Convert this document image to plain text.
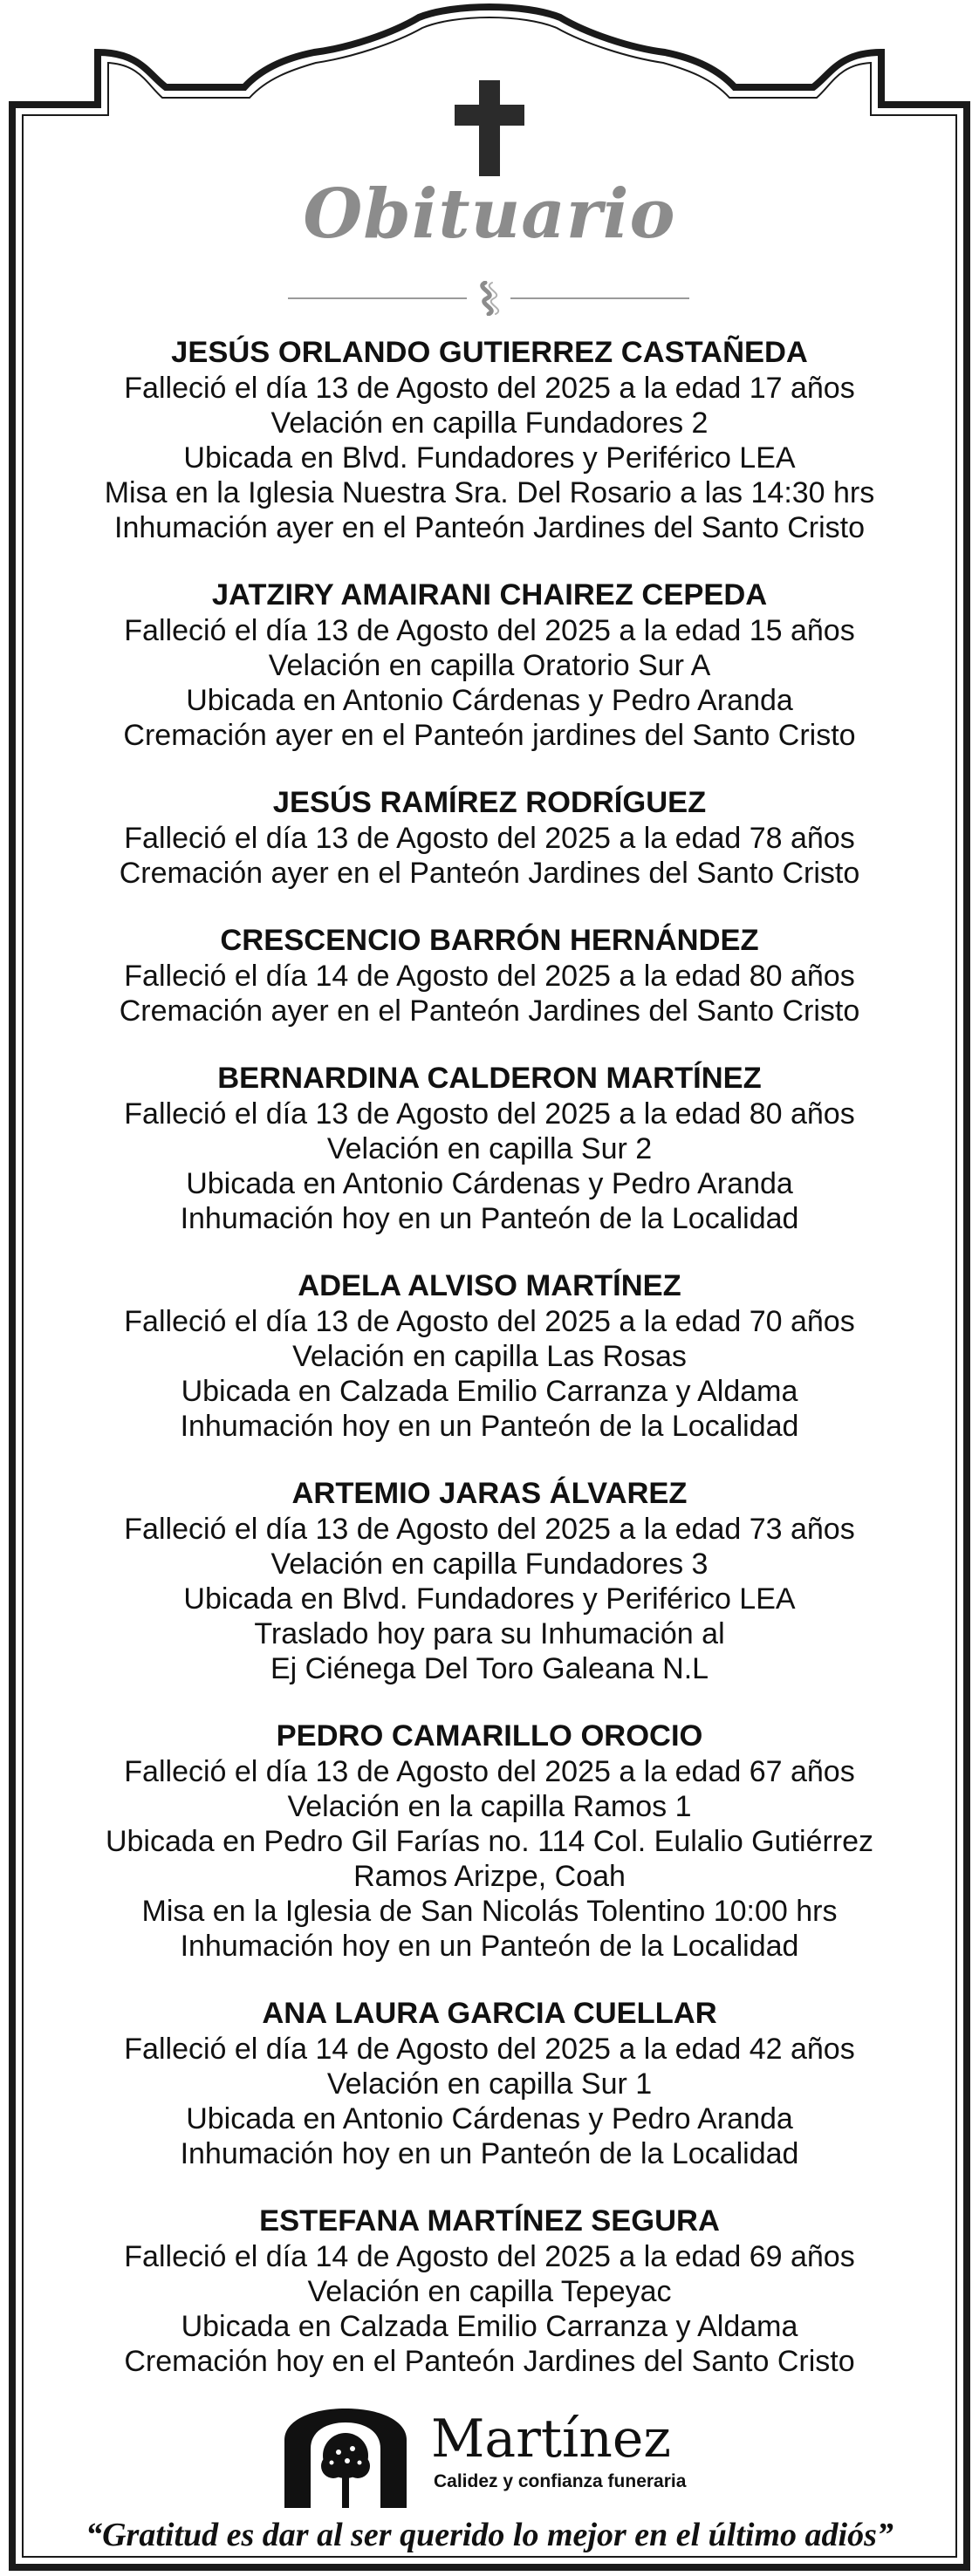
Obituario
JESÚS ORLANDO GUTIERREZ CASTAÑEDA
Falleció el día 13 de Agosto del 2025 a la edad 17 años
Velación en capilla Fundadores 2
Ubicada en Blvd. Fundadores y Periférico LEA
Misa en la Iglesia Nuestra Sra. Del Rosario a las 14:30 hrs
Inhumación ayer en el Panteón Jardines del Santo Cristo
JATZIRY AMAIRANI CHAIREZ CEPEDA
Falleció el día 13 de Agosto del 2025 a la edad 15 años
Velación en capilla Oratorio Sur A
Ubicada en Antonio Cárdenas y Pedro Aranda
Cremación ayer en el Panteón jardines del Santo Cristo
JESÚS RAMÍREZ RODRÍGUEZ
Falleció el día 13 de Agosto del 2025 a la edad 78 años
Cremación ayer en el Panteón Jardines del Santo Cristo
CRESCENCIO BARRÓN HERNÁNDEZ
Falleció el día 14 de Agosto del 2025 a la edad 80 años
Cremación ayer en el Panteón Jardines del Santo Cristo
BERNARDINA CALDERON MARTÍNEZ
Falleció el día 13 de Agosto del 2025 a la edad 80 años
Velación en capilla Sur 2
Ubicada en Antonio Cárdenas y Pedro Aranda
Inhumación hoy en un Panteón de la Localidad
ADELA ALVISO MARTÍNEZ
Falleció el día 13 de Agosto del 2025 a la edad 70 años
Velación en capilla Las Rosas
Ubicada en Calzada Emilio Carranza y Aldama
Inhumación hoy en un Panteón de la Localidad
ARTEMIO JARAS ÁLVAREZ
Falleció el día 13 de Agosto del 2025 a la edad 73 años
Velación en capilla Fundadores 3
Ubicada en Blvd. Fundadores y Periférico LEA
Traslado hoy para su Inhumación al
Ej Ciénega Del Toro Galeana N.L
PEDRO CAMARILLO OROCIO
Falleció el día 13 de Agosto del 2025 a la edad 67 años
Velación en la capilla Ramos 1
Ubicada en Pedro Gil Farías no. 114 Col. Eulalio Gutiérrez
Ramos Arizpe, Coah
Misa en la Iglesia de San Nicolás Tolentino 10:00 hrs
Inhumación hoy en un Panteón de la Localidad
ANA LAURA GARCIA CUELLAR
Falleció el día 14 de Agosto del 2025 a la edad 42 años
Velación en capilla Sur 1
Ubicada en Antonio Cárdenas y Pedro Aranda
Inhumación hoy en un Panteón de la Localidad
ESTEFANA MARTÍNEZ SEGURA
Falleció el día 14 de Agosto del 2025 a la edad 69 años
Velación en capilla Tepeyac
Ubicada en Calzada Emilio Carranza y Aldama
Cremación hoy en el Panteón Jardines del Santo Cristo
Martínez
Calidez y confianza funeraria
“Gratitud es dar al ser querido lo mejor en el último adiós”
